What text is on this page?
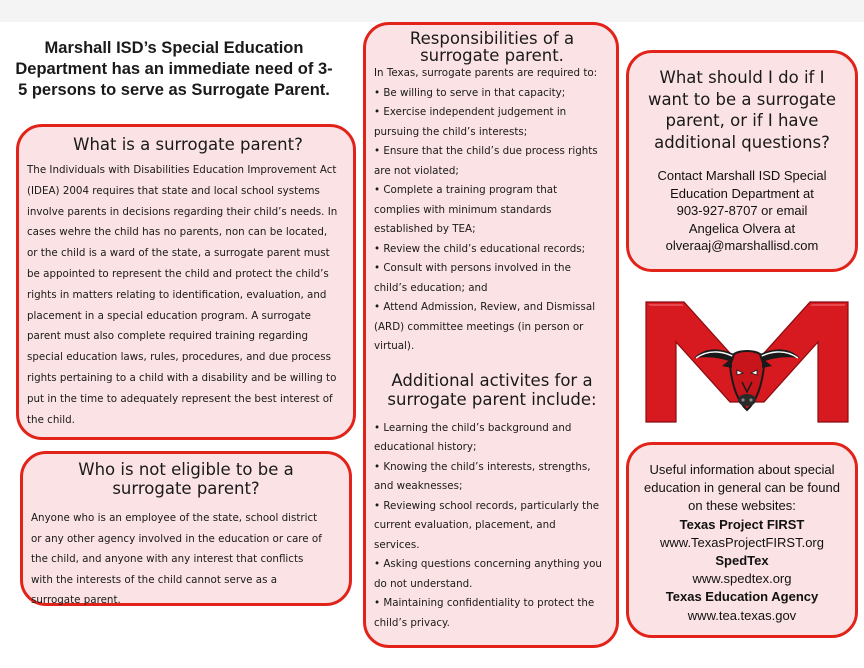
Marshall ISD’s Special Education Department has an immediate need of 3-5 persons to serve as Surrogate Parent.
What is a surrogate parent?
The Individuals with Disabilities Education Improvement Act
(IDEA) 2004 requires that state and local school systems
involve parents in decisions regarding their child’s needs. In
cases wehre the child has no parents, non can be located,
or the child is a ward of the state, a surrogate parent must
be appointed to represent the child and protect the child’s
rights in matters relating to identification, evaluation, and
placement in a special education program. A surrogate
parent must also complete required training regarding
special education laws, rules, procedures, and due process
rights pertaining to a child with a disability and be willing to
put in the time to adequately represent the best interest of
the child.
Who is not eligible to be a
surrogate parent?
Anyone who is an employee of the state, school district
or any other agency involved in the education or care of
the child, and anyone with any interest that conflicts
with the interests of the child cannot serve as a
surrogate parent.
Responsibilities of a
surrogate parent.
In Texas, surrogate parents are required to:
• Be willing to serve in that capacity;
• Exercise independent judgement in
pursuing the child’s interests;
• Ensure that the child’s due process rights
are not violated;
• Complete a training program that
complies with minimum standards
established by TEA;
• Review the child’s educational records;
• Consult with persons involved in the
child’s education; and
• Attend Admission, Review, and Dismissal
(ARD) committee meetings (in person or
virtual).
Additional activites for a
surrogate parent include:
• Learning the child’s background and
educational history;
• Knowing the child’s interests, strengths,
and weaknesses;
• Reviewing school records, particularly the
current evaluation, placement, and
services.
• Asking questions concerning anything you
do not understand.
• Maintaining confidentiality to protect the
child’s privacy.
What should I do if I
want to be a surrogate
parent, or if I have
additional questions?
Contact Marshall ISD Special
Education Department at
903-927-8707 or email
Angelica Olvera at
olveraaj@marshallisd.com
Useful information about special
education in general can be found
on these websites:
Texas Project FIRST
www.TexasProjectFIRST.org
SpedTex
www.spedtex.org
Texas Education Agency
www.tea.texas.gov
